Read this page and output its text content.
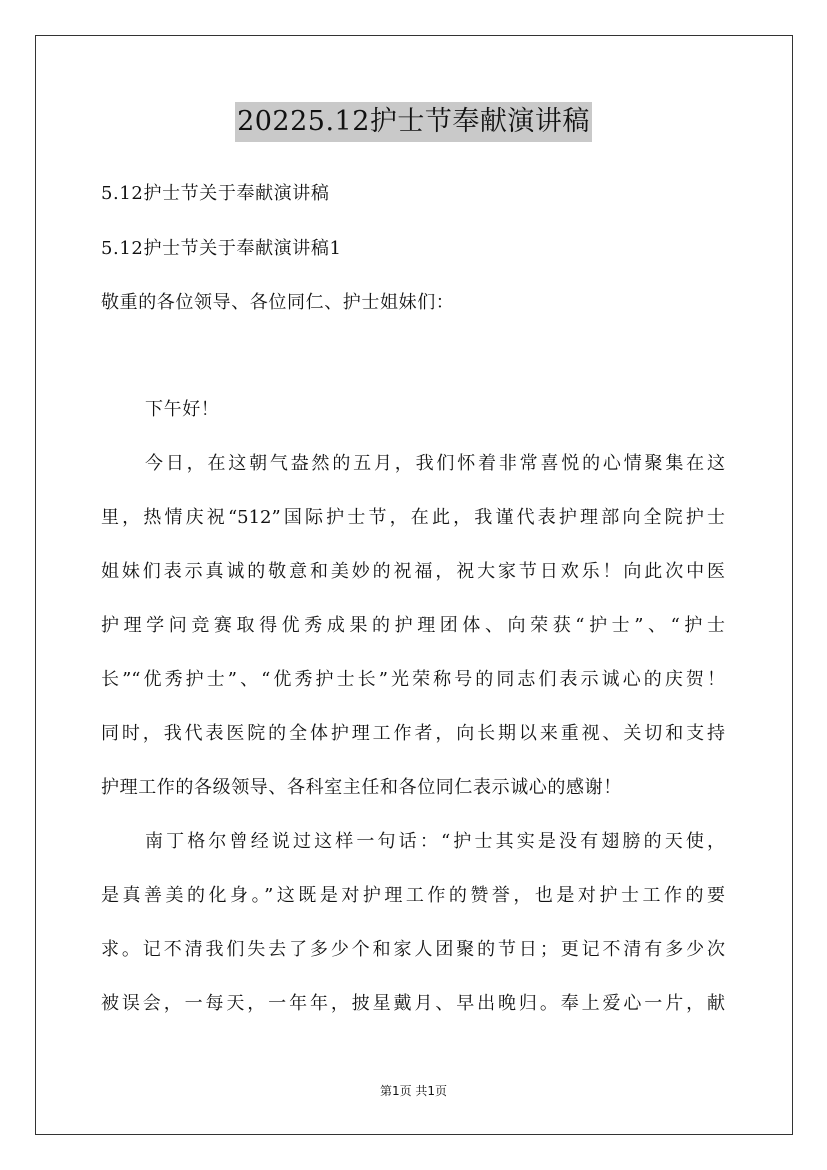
20225.12护士节奉献演讲稿
5.12护士节关于奉献演讲稿
5.12护士节关于奉献演讲稿1
敬重的各位领导、各位同仁、护士姐妹们：
下午好！
今日，在这朝气盎然的五月，我们怀着非常喜悦的心情聚集在这
里，热情庆祝“512”国际护士节，在此，我谨代表护理部向全院护士
姐妹们表示真诚的敬意和美妙的祝福，祝大家节日欢乐！向此次中医
护理学问竞赛取得优秀成果的护理团体、向荣获“护士”、“护士
长”“优秀护士”、“优秀护士长”光荣称号的同志们表示诚心的庆贺！
同时，我代表医院的全体护理工作者，向长期以来重视、关切和支持
护理工作的各级领导、各科室主任和各位同仁表示诚心的感谢！
南丁格尔曾经说过这样一句话：“护士其实是没有翅膀的天使，
是真善美的化身。”这既是对护理工作的赞誉，也是对护士工作的要
求。记不清我们失去了多少个和家人团聚的节日；更记不清有多少次
被误会，一每天，一年年，披星戴月、早出晚归。奉上爱心一片，献
第1页 共1页
